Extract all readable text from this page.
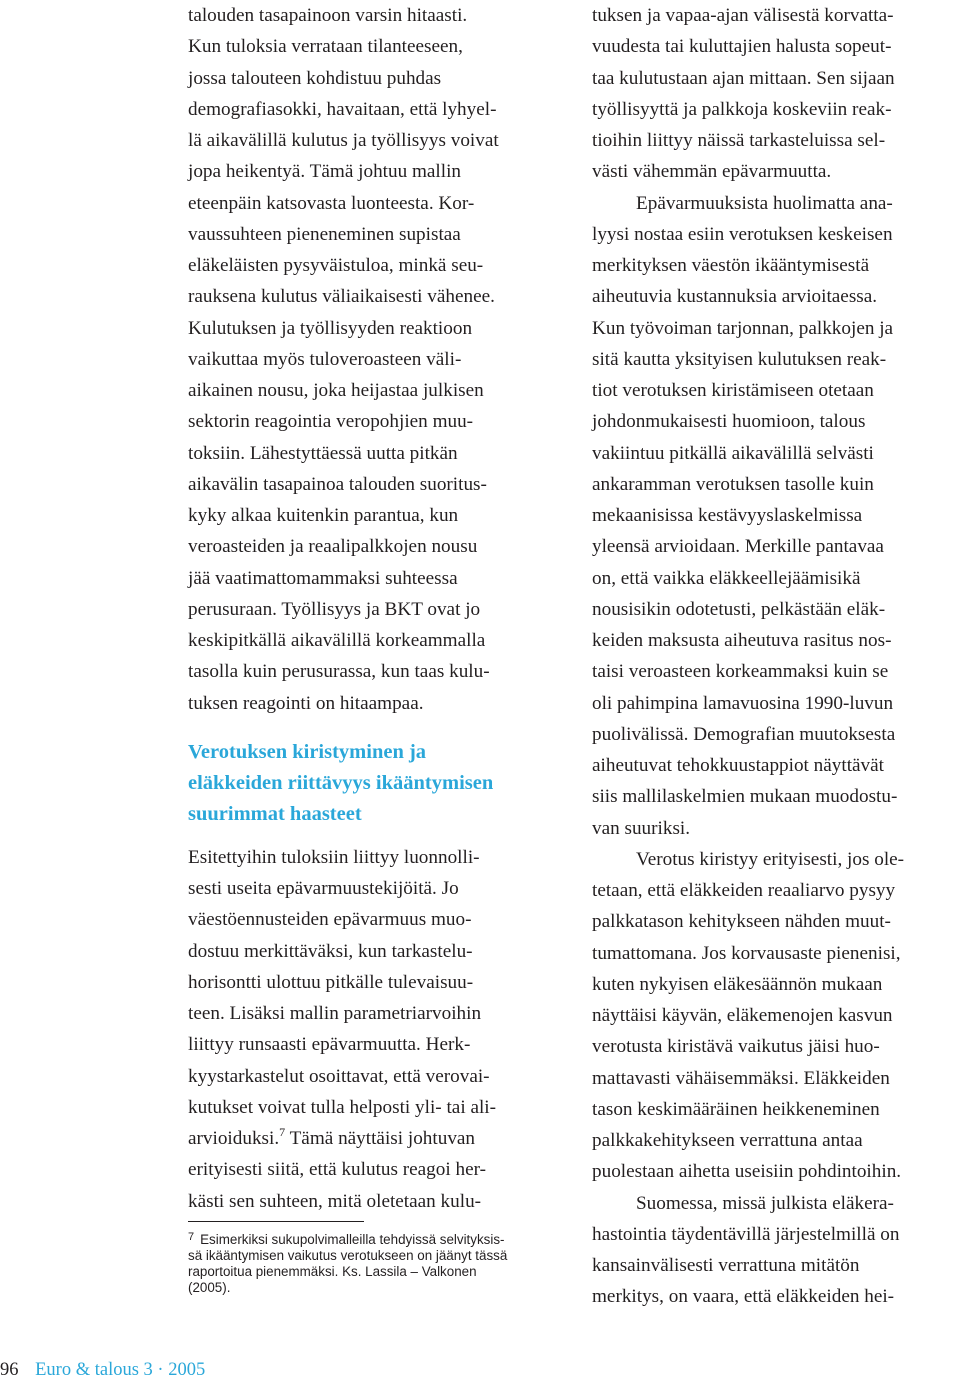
talouden tasapainoon varsin hitaasti.
Kun tuloksia verrataan tilanteeseen,
jossa talouteen kohdistuu puhdas
demografiasokki, havaitaan, että lyhyel-
lä aikavälillä kulutus ja työllisyys voivat
jopa heikentyä. Tämä johtuu mallin
eteenpäin katsovasta luonteesta. Kor-
vaussuhteen pieneneminen supistaa
eläkeläisten pysyväistuloa, minkä seu-
rauksena kulutus väliaikaisesti vähenee.
Kulutuksen ja työllisyyden reaktioon
vaikuttaa myös tuloveroasteen väli-
aikainen nousu, joka heijastaa julkisen
sektorin reagointia veropohjien muu-
toksiin. Lähestyttäessä uutta pitkän
aikavälin tasapainoa talouden suoritus-
kyky alkaa kuitenkin parantua, kun
veroasteiden ja reaalipalkkojen nousu
jää vaatimattomammaksi suhteessa
perusuraan. Työllisyys ja BKT ovat jo
keskipitkällä aikavälillä korkeammalla
tasolla kuin perusurassa, kun taas kulu-
tuksen reagointi on hitaampaa.
Verotuksen kiristyminen ja
eläkkeiden riittävyys ikääntymisen
suurimmat haasteet
Esitettyihin tuloksiin liittyy luonnolli-
sesti useita epävarmuustekijöitä. Jo
väestöennusteiden epävarmuus muo-
dostuu merkittäväksi, kun tarkastelu-
horisontti ulottuu pitkälle tulevaisuu-
teen. Lisäksi mallin parametriarvoihin
liittyy runsaasti epävarmuutta. Herk-
kyystarkastelut osoittavat, että verovai-
kutukset voivat tulla helposti yli- tai ali-
arvioiduksi.$^7$ Tämä näyttäisi johtuvan
erityisesti siitä, että kulutus reagoi her-
kästi sen suhteen, mitä oletetaan kulu-
$^7$ Esimerkiksi sukupolvimalleilla tehdyissä selvityksis-
sä ikääntymisen vaikutus verotukseen on jäänyt tässä
raportoitua pienemmäksi. Ks. Lassila – Valkonen
(2005).
tuksen ja vapaa-ajan välisestä korvatta-
vuudesta tai kuluttajien halusta sopeut-
taa kulutustaan ajan mittaan. Sen sijaan
työllisyyttä ja palkkoja koskeviin reak-
tioihin liittyy näissä tarkasteluissa sel-
västi vähemmän epävarmuutta.
Epävarmuuksista huolimatta ana-
lyysi nostaa esiin verotuksen keskeisen
merkityksen väestön ikääntymisestä
aiheutuvia kustannuksia arvioitaessa.
Kun työvoiman tarjonnan, palkkojen ja
sitä kautta yksityisen kulutuksen reak-
tiot verotuksen kiristämiseen otetaan
johdonmukaisesti huomioon, talous
vakiintuu pitkällä aikavälillä selvästi
ankaramman verotuksen tasolle kuin
mekaanisissa kestävyyslaskelmissa
yleensä arvioidaan. Merkille pantavaa
on, että vaikka eläkkeellejäämisikä
nousisikin odotetusti, pelkästään eläk-
keiden maksusta aiheutuva rasitus nos-
taisi veroasteen korkeammaksi kuin se
oli pahimpina lamavuosina 1990-luvun
puolivälissä. Demografian muutoksesta
aiheutuvat tehokkuustappiot näyttävät
siis mallilaskelmien mukaan muodostu-
van suuriksi.
Verotus kiristyy erityisesti, jos ole-
tetaan, että eläkkeiden reaaliarvo pysyy
palkkatason kehitykseen nähden muut-
tumattomana. Jos korvausaste pienenisi,
kuten nykyisen eläkesäännön mukaan
näyttäisi käyvän, eläkemenojen kasvun
verotusta kiristävä vaikutus jäisi huo-
mattavasti vähäisemmäksi. Eläkkeiden
tason keskimääräinen heikkeneminen
palkkakehitykseen verrattuna antaa
puolestaan aihetta useisiin pohdintoihin.
Suomessa, missä julkista eläkera-
hastointia täydentävillä järjestelmillä on
kansainvälisesti verrattuna mitätön
merkitys, on vaara, että eläkkeiden hei-
96 Euro & talous 3 · 2005
